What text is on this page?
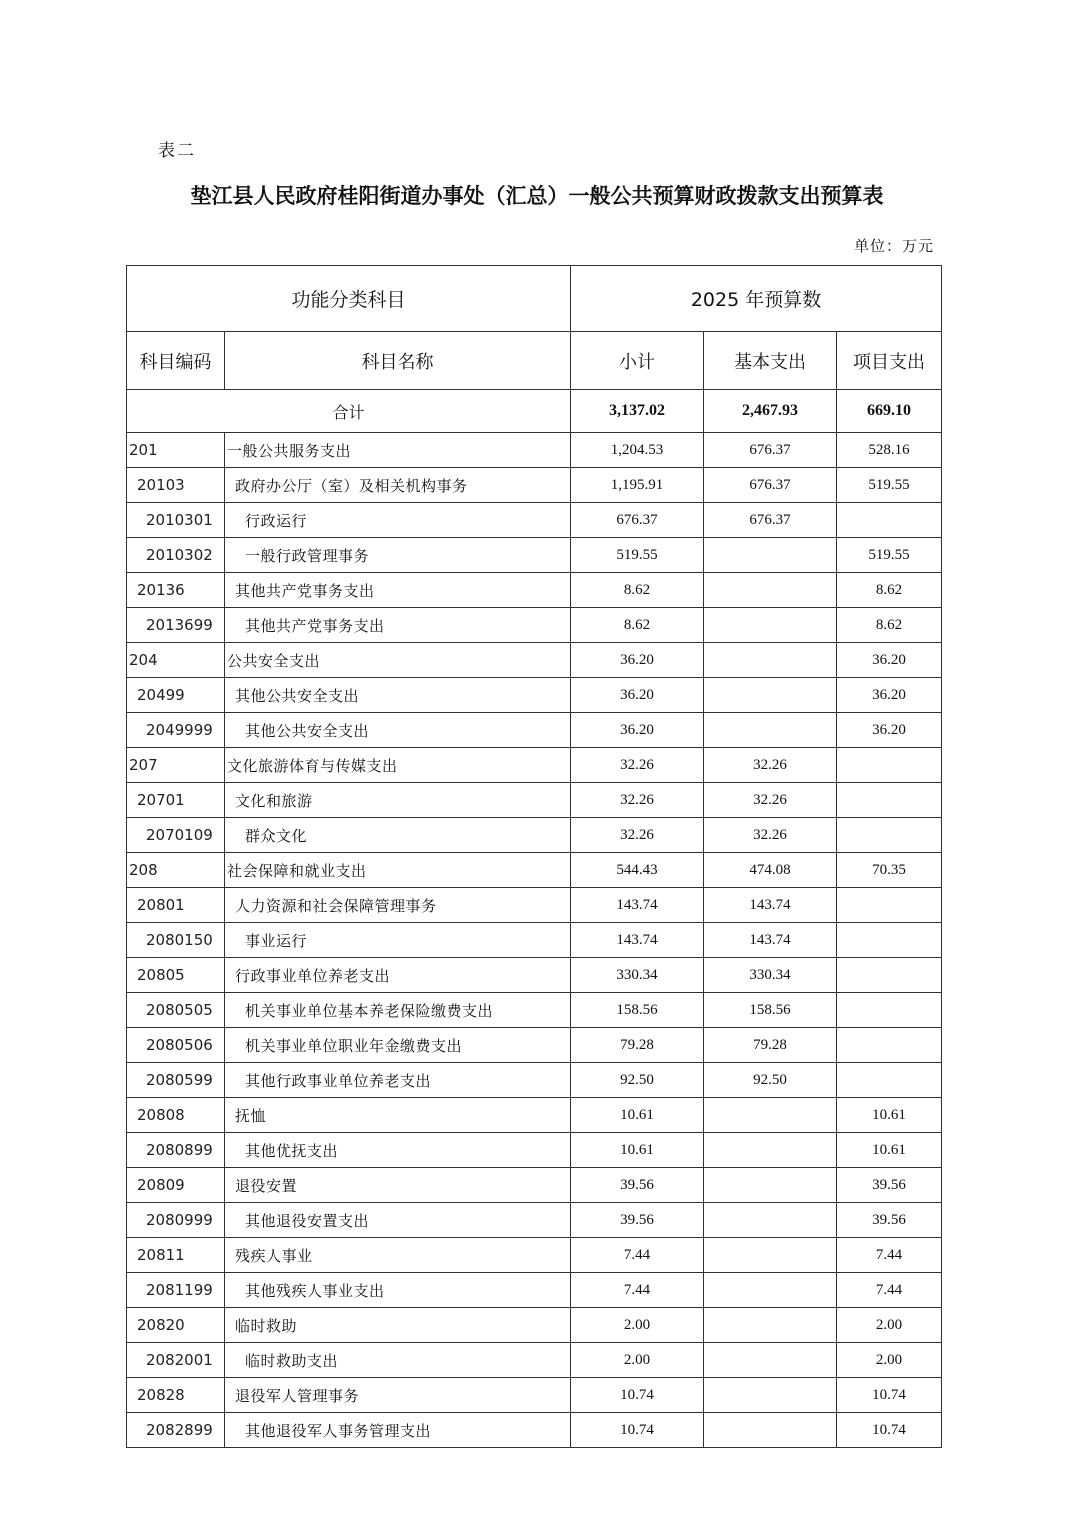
表二
垫江县人民政府桂阳街道办事处（汇总）一般公共预算财政拨款支出预算表
单位：万元
功能分类科目		2025 年预算数		
科目编码	科目名称	小计	基本支出	项目支出
合计		3,137.02	2,467.93	669.10
201	一般公共服务支出	1,204.53	676.37	528.16
20103	政府办公厅（室）及相关机构事务	1,195.91	676.37	519.55
2010301	行政运行	676.37	676.37	
2010302	一般行政管理事务	519.55		519.55
20136	其他共产党事务支出	8.62		8.62
2013699	其他共产党事务支出	8.62		8.62
204	公共安全支出	36.20		36.20
20499	其他公共安全支出	36.20		36.20
2049999	其他公共安全支出	36.20		36.20
207	文化旅游体育与传媒支出	32.26	32.26	
20701	文化和旅游	32.26	32.26	
2070109	群众文化	32.26	32.26	
208	社会保障和就业支出	544.43	474.08	70.35
20801	人力资源和社会保障管理事务	143.74	143.74	
2080150	事业运行	143.74	143.74	
20805	行政事业单位养老支出	330.34	330.34	
2080505	机关事业单位基本养老保险缴费支出	158.56	158.56	
2080506	机关事业单位职业年金缴费支出	79.28	79.28	
2080599	其他行政事业单位养老支出	92.50	92.50	
20808	抚恤	10.61		10.61
2080899	其他优抚支出	10.61		10.61
20809	退役安置	39.56		39.56
2080999	其他退役安置支出	39.56		39.56
20811	残疾人事业	7.44		7.44
2081199	其他残疾人事业支出	7.44		7.44
20820	临时救助	2.00		2.00
2082001	临时救助支出	2.00		2.00
20828	退役军人管理事务	10.74		10.74
2082899	其他退役军人事务管理支出	10.74		10.74
